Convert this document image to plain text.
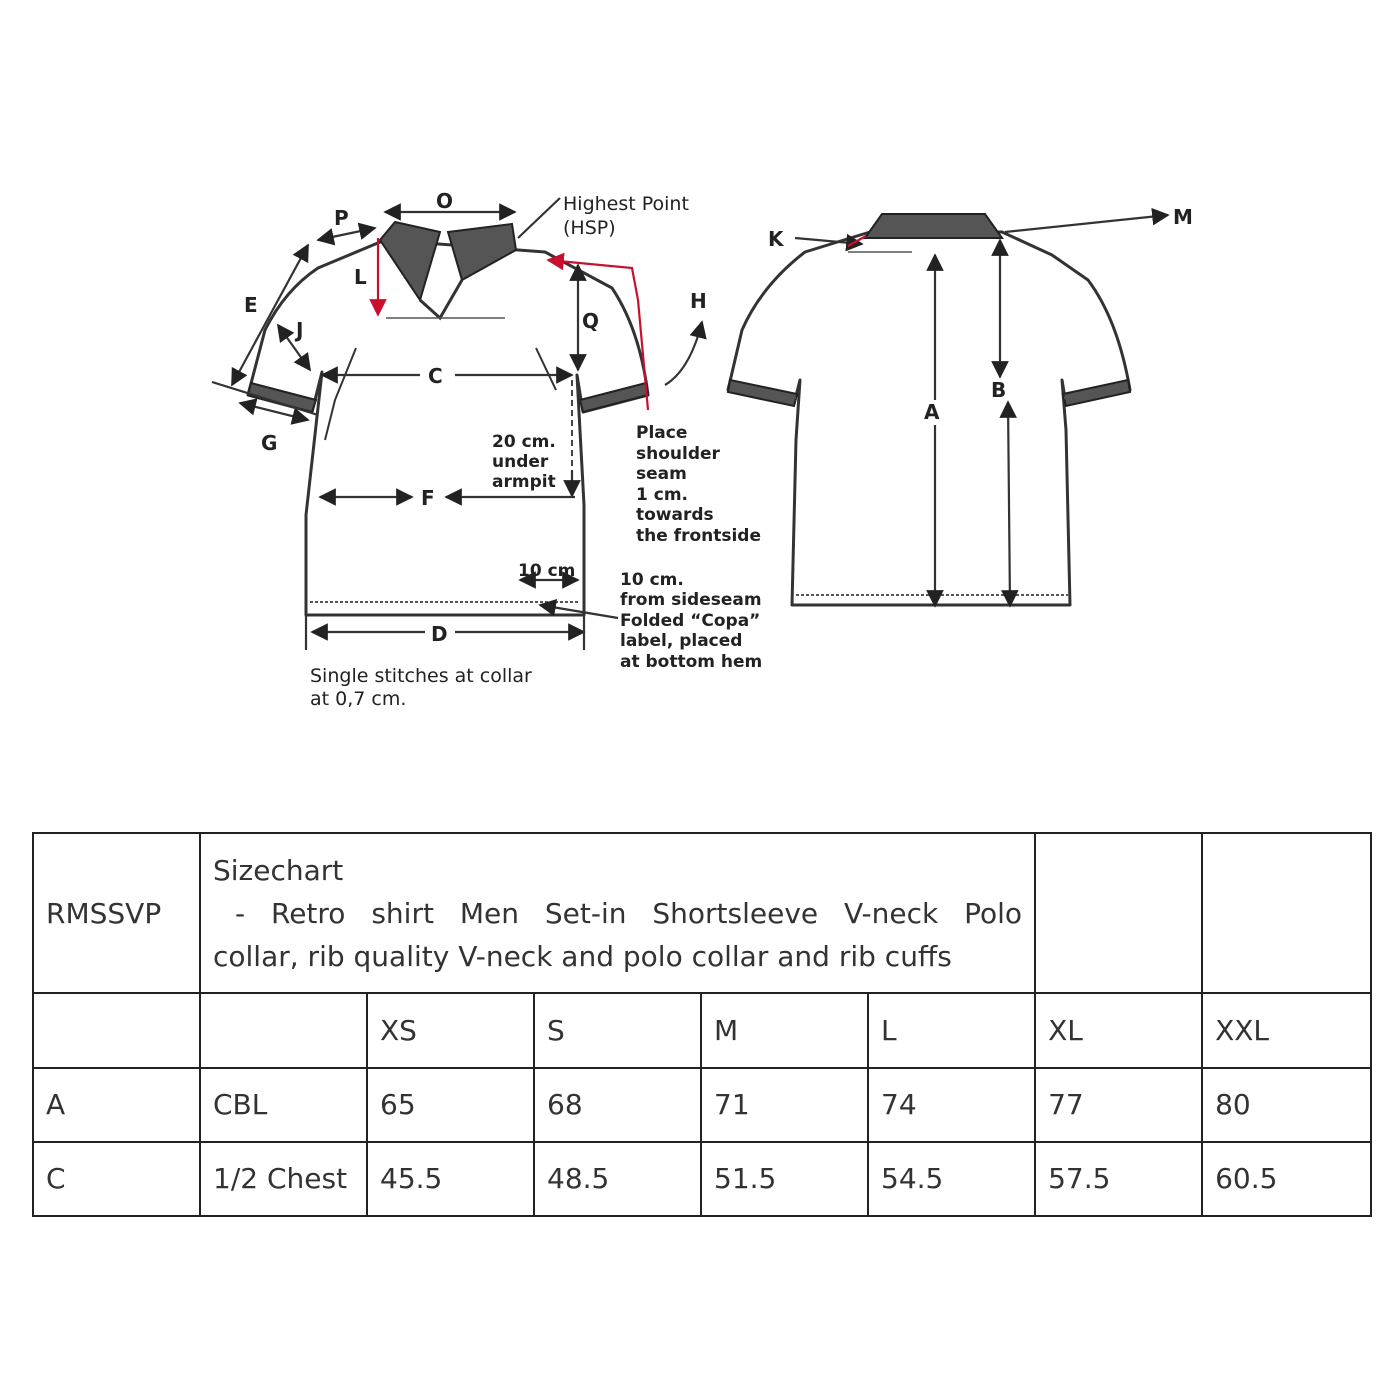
O
P
E
J
L
C
Q
G
F
D
H
Highest Point
(HSP)
20 cm.
under
armpit
10 cm
Place
shoulder
seam
1 cm.
towards
the frontside
10 cm.
from sideseam
Folded “Copa”
label, placed
at bottom hem
Single stitches at collar
at 0,7 cm.
K
M
A
B
RMSSVP	Sizechart
- Retro shirt Men Set-in Shortsleeve V-neck Polo
collar, rib quality V-neck and polo collar and rib cuffs						
		XS	S	M	L	XL	XXL
A	CBL	65	68	71	74	77	80
C	1/2 Chest	45.5	48.5	51.5	54.5	57.5	60.5
